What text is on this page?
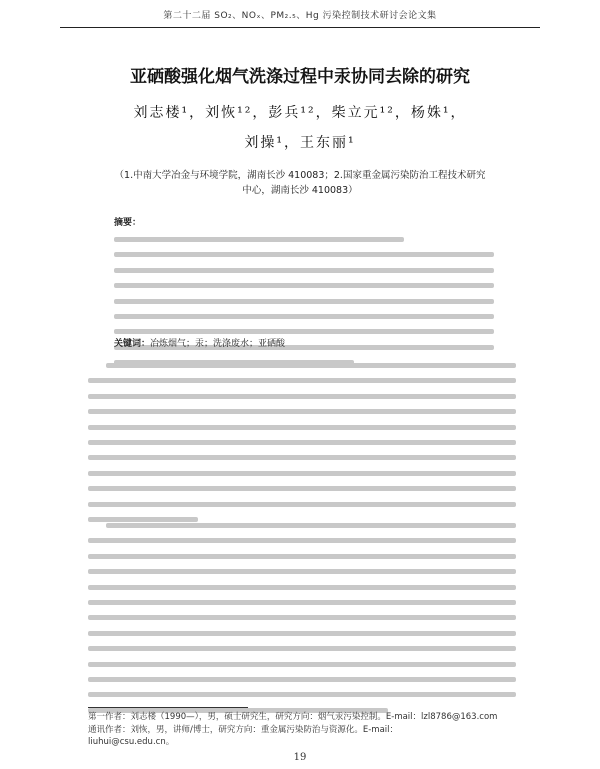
第二十二届 SO₂、NOₓ、PM₂.₅、Hg 污染控制技术研讨会论文集
亚硒酸强化烟气洗涤过程中汞协同去除的研究
刘志楼¹，刘恢¹²，彭兵¹²，柴立元¹²，杨姝¹，
刘操¹，王东丽¹
（1.中南大学冶金与环境学院，湖南长沙 410083；2.国家重金属污染防治工程技术研究中心，湖南长沙 410083）
摘要：
关键词：冶炼烟气；汞；洗涤废水；亚硒酸
第一作者：刘志楼（1990—），男，硕士研究生，研究方向：烟气汞污染控制。E-mail：lzl8786@163.com
通讯作者：刘恢，男，讲师/博士，研究方向：重金属污染防治与资源化。E-mail：
liuhui@csu.edu.cn。
19
